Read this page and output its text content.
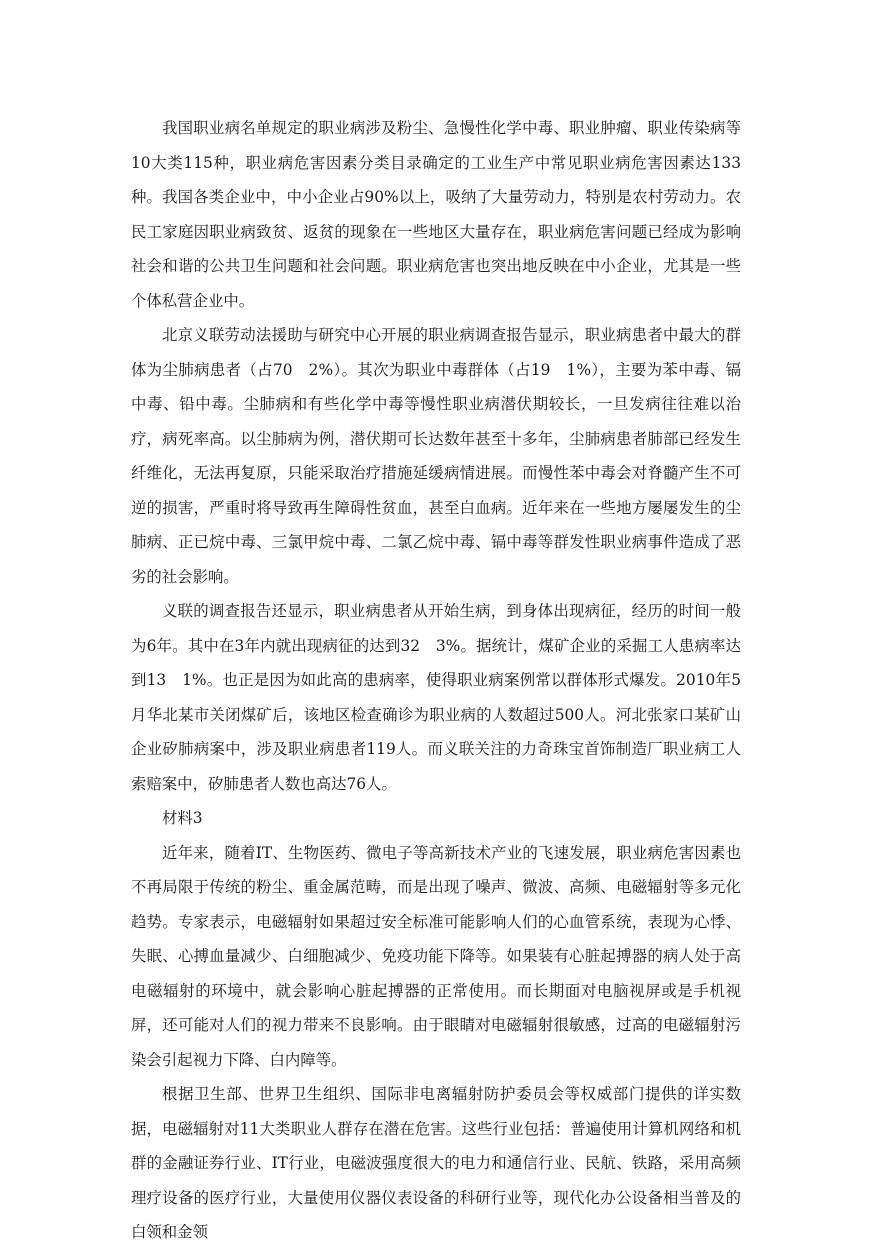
我国职业病名单规定的职业病涉及粉尘、急慢性化学中毒、职业肿瘤、职业传染病等10大类115种，职业病危害因素分类目录确定的工业生产中常见职业病危害因素达133种。我国各类企业中，中小企业占90%以上，吸纳了大量劳动力，特别是农村劳动力。农民工家庭因职业病致贫、返贫的现象在一些地区大量存在，职业病危害问题已经成为影响社会和谐的公共卫生问题和社会问题。职业病危害也突出地反映在中小企业，尤其是一些个体私营企业中。

北京义联劳动法援助与研究中心开展的职业病调查报告显示，职业病患者中最大的群体为尘肺病患者（占70　2%）。其次为职业中毒群体（占19　1%），主要为苯中毒、镉中毒、铅中毒。尘肺病和有些化学中毒等慢性职业病潜伏期较长，一旦发病往往难以治疗，病死率高。以尘肺病为例，潜伏期可长达数年甚至十多年，尘肺病患者肺部已经发生纤维化，无法再复原，只能采取治疗措施延缓病情进展。而慢性苯中毒会对脊髓产生不可逆的损害，严重时将导致再生障碍性贫血，甚至白血病。近年来在一些地方屡屡发生的尘肺病、正已烷中毒、三氯甲烷中毒、二氯乙烷中毒、镉中毒等群发性职业病事件造成了恶劣的社会影响。

义联的调查报告还显示，职业病患者从开始生病，到身体出现病征，经历的时间一般为6年。其中在3年内就出现病征的达到32　3%。据统计，煤矿企业的采掘工人患病率达到13　1%。也正是因为如此高的患病率，使得职业病案例常以群体形式爆发。2010年5月华北某市关闭煤矿后，该地区检查确诊为职业病的人数超过500人。河北张家口某矿山企业矽肺病案中，涉及职业病患者119人。而义联关注的力奇珠宝首饰制造厂职业病工人索赔案中，矽肺患者人数也高达76人。

材料3

近年来，随着IT、生物医药、微电子等高新技术产业的飞速发展，职业病危害因素也不再局限于传统的粉尘、重金属范畴，而是出现了噪声、微波、高频、电磁辐射等多元化趋势。专家表示，电磁辐射如果超过安全标准可能影响人们的心血管系统，表现为心悸、失眠、心搏血量减少、白细胞减少、免疫功能下降等。如果装有心脏起搏器的病人处于高电磁辐射的环境中，就会影响心脏起搏器的正常使用。而长期面对电脑视屏或是手机视屏，还可能对人们的视力带来不良影响。由于眼睛对电磁辐射很敏感，过高的电磁辐射污染会引起视力下降、白内障等。

根据卫生部、世界卫生组织、国际非电离辐射防护委员会等权威部门提供的详实数据，电磁辐射对11大类职业人群存在潜在危害。这些行业包括：普遍使用计算机网络和机群的金融证券行业、IT行业，电磁波强度很大的电力和通信行业、民航、铁路，采用高频理疗设备的医疗行业，大量使用仪器仪表设备的科研行业等，现代化办公设备相当普及的白领和金领
